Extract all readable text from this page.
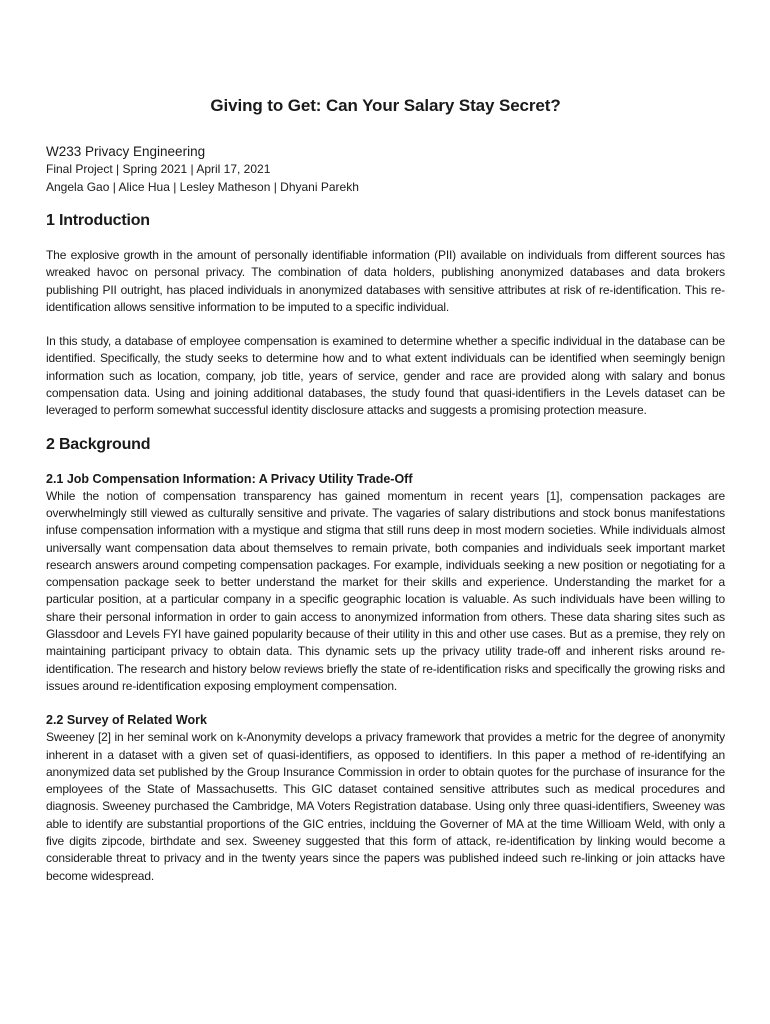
Giving to Get: Can Your Salary Stay Secret?

W233 Privacy Engineering

Final Project | Spring 2021 | April 17, 2021

Angela Gao | Alice Hua | Lesley Matheson | Dhyani Parekh

1 Introduction

The explosive growth in the amount of personally identifiable information (PII) available on individuals from different sources has wreaked havoc on personal privacy. The combination of data holders, publishing anonymized databases and data brokers publishing PII outright, has placed individuals in anonymized databases with sensitive attributes at risk of re-identification. This re-identification allows sensitive information to be imputed to a specific individual.

In this study, a database of employee compensation is examined to determine whether a specific individual in the database can be identified. Specifically, the study seeks to determine how and to what extent individuals can be identified when seemingly benign information such as location, company, job title, years of service, gender and race are provided along with salary and bonus compensation data. Using and joining additional databases, the study found that quasi-identifiers in the Levels dataset can be leveraged to perform somewhat successful identity disclosure attacks and suggests a promising protection measure.

2 Background
2.1 Job Compensation Information: A Privacy Utility Trade-Off

While the notion of compensation transparency has gained momentum in recent years [1], compensation packages are overwhelmingly still viewed as culturally sensitive and private. The vagaries of salary distributions and stock bonus manifestations infuse compensation information with a mystique and stigma that still runs deep in most modern societies. While individuals almost universally want compensation data about themselves to remain private, both companies and individuals seek important market research answers around competing compensation packages. For example, individuals seeking a new position or negotiating for a compensation package seek to better understand the market for their skills and experience. Understanding the market for a particular position, at a particular company in a specific geographic location is valuable. As such individuals have been willing to share their personal information in order to gain access to anonymized information from others. These data sharing sites such as Glassdoor and Levels FYI have gained popularity because of their utility in this and other use cases. But as a premise, they rely on maintaining participant privacy to obtain data. This dynamic sets up the privacy utility trade-off and inherent risks around re-identification. The research and history below reviews briefly the state of re-identification risks and specifically the growing risks and issues around re-identification exposing employment compensation.

2.2 Survey of Related Work

Sweeney [2] in her seminal work on k-Anonymity develops a privacy framework that provides a metric for the degree of anonymity inherent in a dataset with a given set of quasi-identifiers, as opposed to identifiers. In this paper a method of re-identifying an anonymized data set published by the Group Insurance Commission in order to obtain quotes for the purchase of insurance for the employees of the State of Massachusetts. This GIC dataset contained sensitive attributes such as medical procedures and diagnosis. Sweeney purchased the Cambridge, MA Voters Registration database. Using only three quasi-identifiers, Sweeney was able to identify are substantial proportions of the GIC entries, inclduing the Governer of MA at the time Willioam Weld, with only a five digits zipcode, birthdate and sex. Sweeney suggested that this form of attack, re-identification by linking would become a considerable threat to privacy and in the twenty years since the papers was published indeed such re-linking or join attacks have become widespread.
